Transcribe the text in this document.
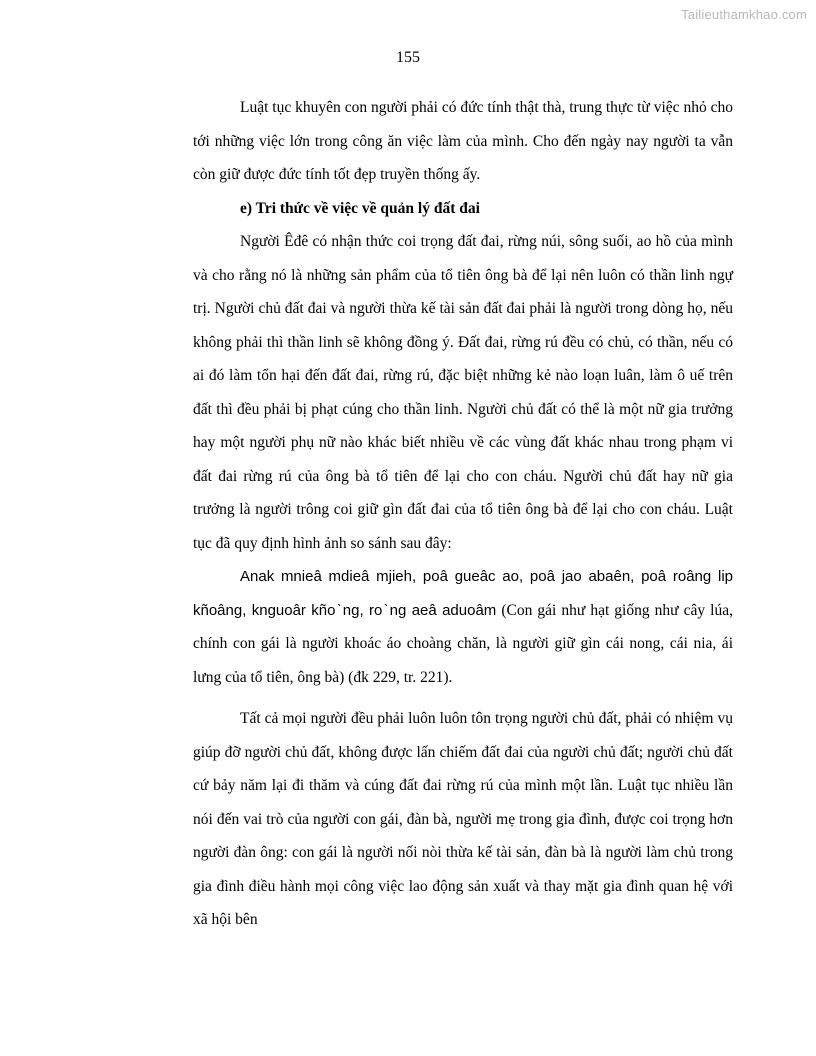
Tailieuthamkhao.com
155

Luật tục khuyên con người phải có đức tính thật thà, trung thực từ việc nhỏ cho tới những việc lớn trong công ăn việc làm của mình. Cho đến ngày nay người ta vẫn còn giữ được đức tính tốt đẹp truyền thống ấy.

e) Tri thức về việc về quản lý đất đai

Người Êđê có nhận thức coi trọng đất đai, rừng núi, sông suối, ao hồ của mình và cho rằng nó là những sản phẩm của tổ tiên ông bà để lại nên luôn có thần linh ngự trị. Người chủ đất đai và người thừa kế tài sản đất đai phải là người trong dòng họ, nếu không phải thì thần linh sẽ không đồng ý. Đất đai, rừng rú đều có chủ, có thần, nếu có ai đó làm tổn hại đến đất đai, rừng rú, đặc biệt những kẻ nào loạn luân, làm ô uế trên đất thì đều phải bị phạt cúng cho thần linh. Người chủ đất có thể là một nữ gia trưởng hay một người phụ nữ nào khác biết nhiều về các vùng đất khác nhau trong phạm vi đất đai rừng rú của ông bà tổ tiên để lại cho con cháu. Người chủ đất hay nữ gia trưởng là người trông coi giữ gìn đất đai của tổ tiên ông bà để lại cho con cháu. Luật tục đã quy định hình ảnh so sánh sau đây:

Anak mnieâ mdieâ mjieh, poâ gueâc ao, poâ jao abaên, poâ roâng lip kñoâng, knguoâr kñoˋng, roˋng aeâ aduoâm (Con gái như hạt giống như cây lúa, chính con gái là người khoác áo choàng chăn, là người giữ gìn cái nong, cái nia, ái lưng của tổ tiên, ông bà) (đk 229, tr. 221).

Tất cả mọi người đều phải luôn luôn tôn trọng người chủ đất, phải có nhiệm vụ giúp đỡ người chủ đất, không được lấn chiếm đất đai của người chủ đất; người chủ đất cứ bảy năm lại đi thăm và cúng đất đai rừng rú của mình một lần. Luật tục nhiều lần nói đến vai trò của người con gái, đàn bà, người mẹ trong gia đình, được coi trọng hơn người đàn ông: con gái là người nối nòi thừa kế tài sản, đàn bà là người làm chủ trong gia đình điều hành mọi công việc lao động sản xuất và thay mặt gia đình quan hệ với xã hội bên
